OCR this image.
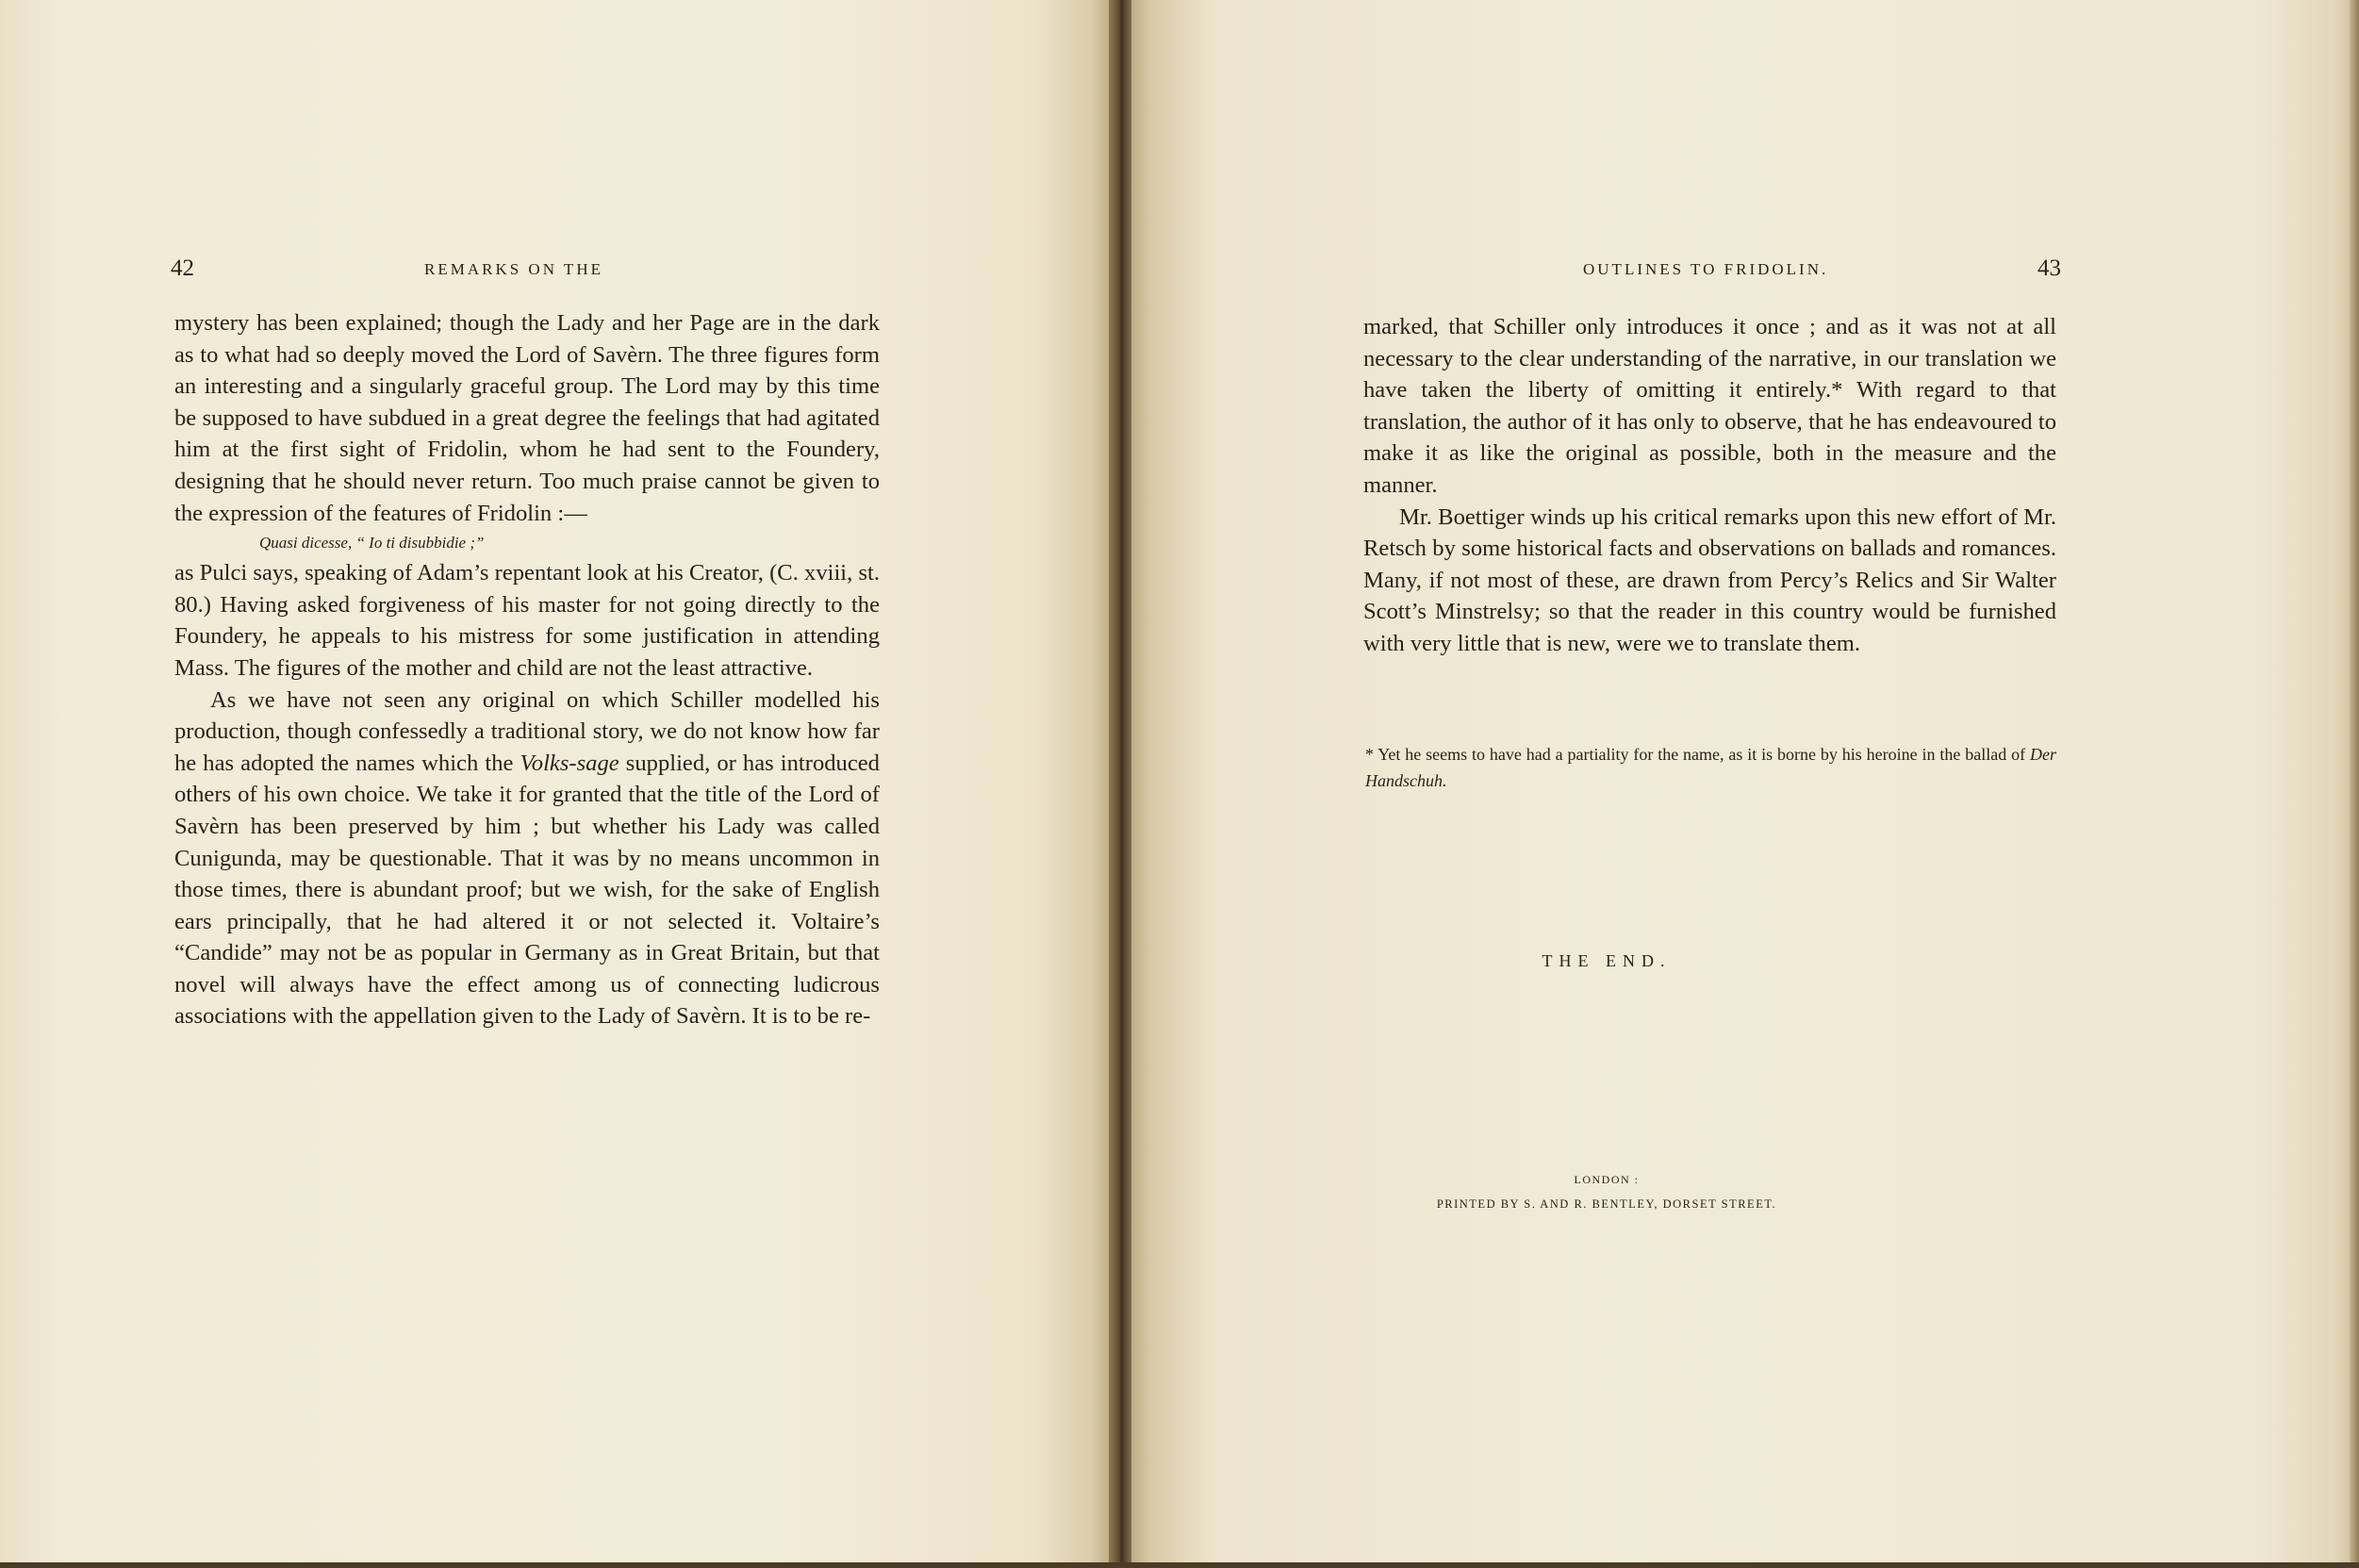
42	REMARKS ON THE

mystery has been explained; though the Lady and her Page are in the dark as to what had so deeply moved the Lord of Savèrn. The three figures form an interesting and a singularly graceful group. The Lord may by this time be supposed to have subdued in a great degree the feelings that had agitated him at the first sight of Fridolin, whom he had sent to the Foundery, designing that he should never return. Too much praise cannot be given to the expression of the features of Fridolin :—

Quasi dicesse, “ Io ti disubbidie ;”

as Pulci says, speaking of Adam’s repentant look at his Creator, (C. xviii, st. 80.) Having asked forgiveness of his master for not going directly to the Foundery, he appeals to his mistress for some justification in attending Mass. The figures of the mother and child are not the least attractive.

As we have not seen any original on which Schiller modelled his production, though confessedly a traditional story, we do not know how far he has adopted the names which the Volks-sage supplied, or has introduced others of his own choice. We take it for granted that the title of the Lord of Savèrn has been preserved by him ; but whether his Lady was called Cunigunda, may be questionable. That it was by no means uncommon in those times, there is abundant proof; but we wish, for the sake of English ears principally, that he had altered it or not selected it. Voltaire’s “Candide” may not be as popular in Germany as in Great Britain, but that novel will always have the effect among us of connecting ludicrous associations with the appellation given to the Lady of Savèrn. It is to be re-

OUTLINES TO FRIDOLIN.	43

marked, that Schiller only introduces it once ; and as it was not at all necessary to the clear understanding of the narrative, in our translation we have taken the liberty of omitting it entirely.* With regard to that translation, the author of it has only to observe, that he has endeavoured to make it as like the original as possible, both in the measure and the manner.

Mr. Boettiger winds up his critical remarks upon this new effort of Mr. Retsch by some historical facts and observations on ballads and romances. Many, if not most of these, are drawn from Percy’s Relics and Sir Walter Scott’s Minstrelsy; so that the reader in this country would be furnished with very little that is new, were we to translate them.

* Yet he seems to have had a partiality for the name, as it is borne by his heroine in the ballad of Der Handschuh.
THE END.
LONDON :
PRINTED BY S. AND R. BENTLEY, DORSET STREET.
